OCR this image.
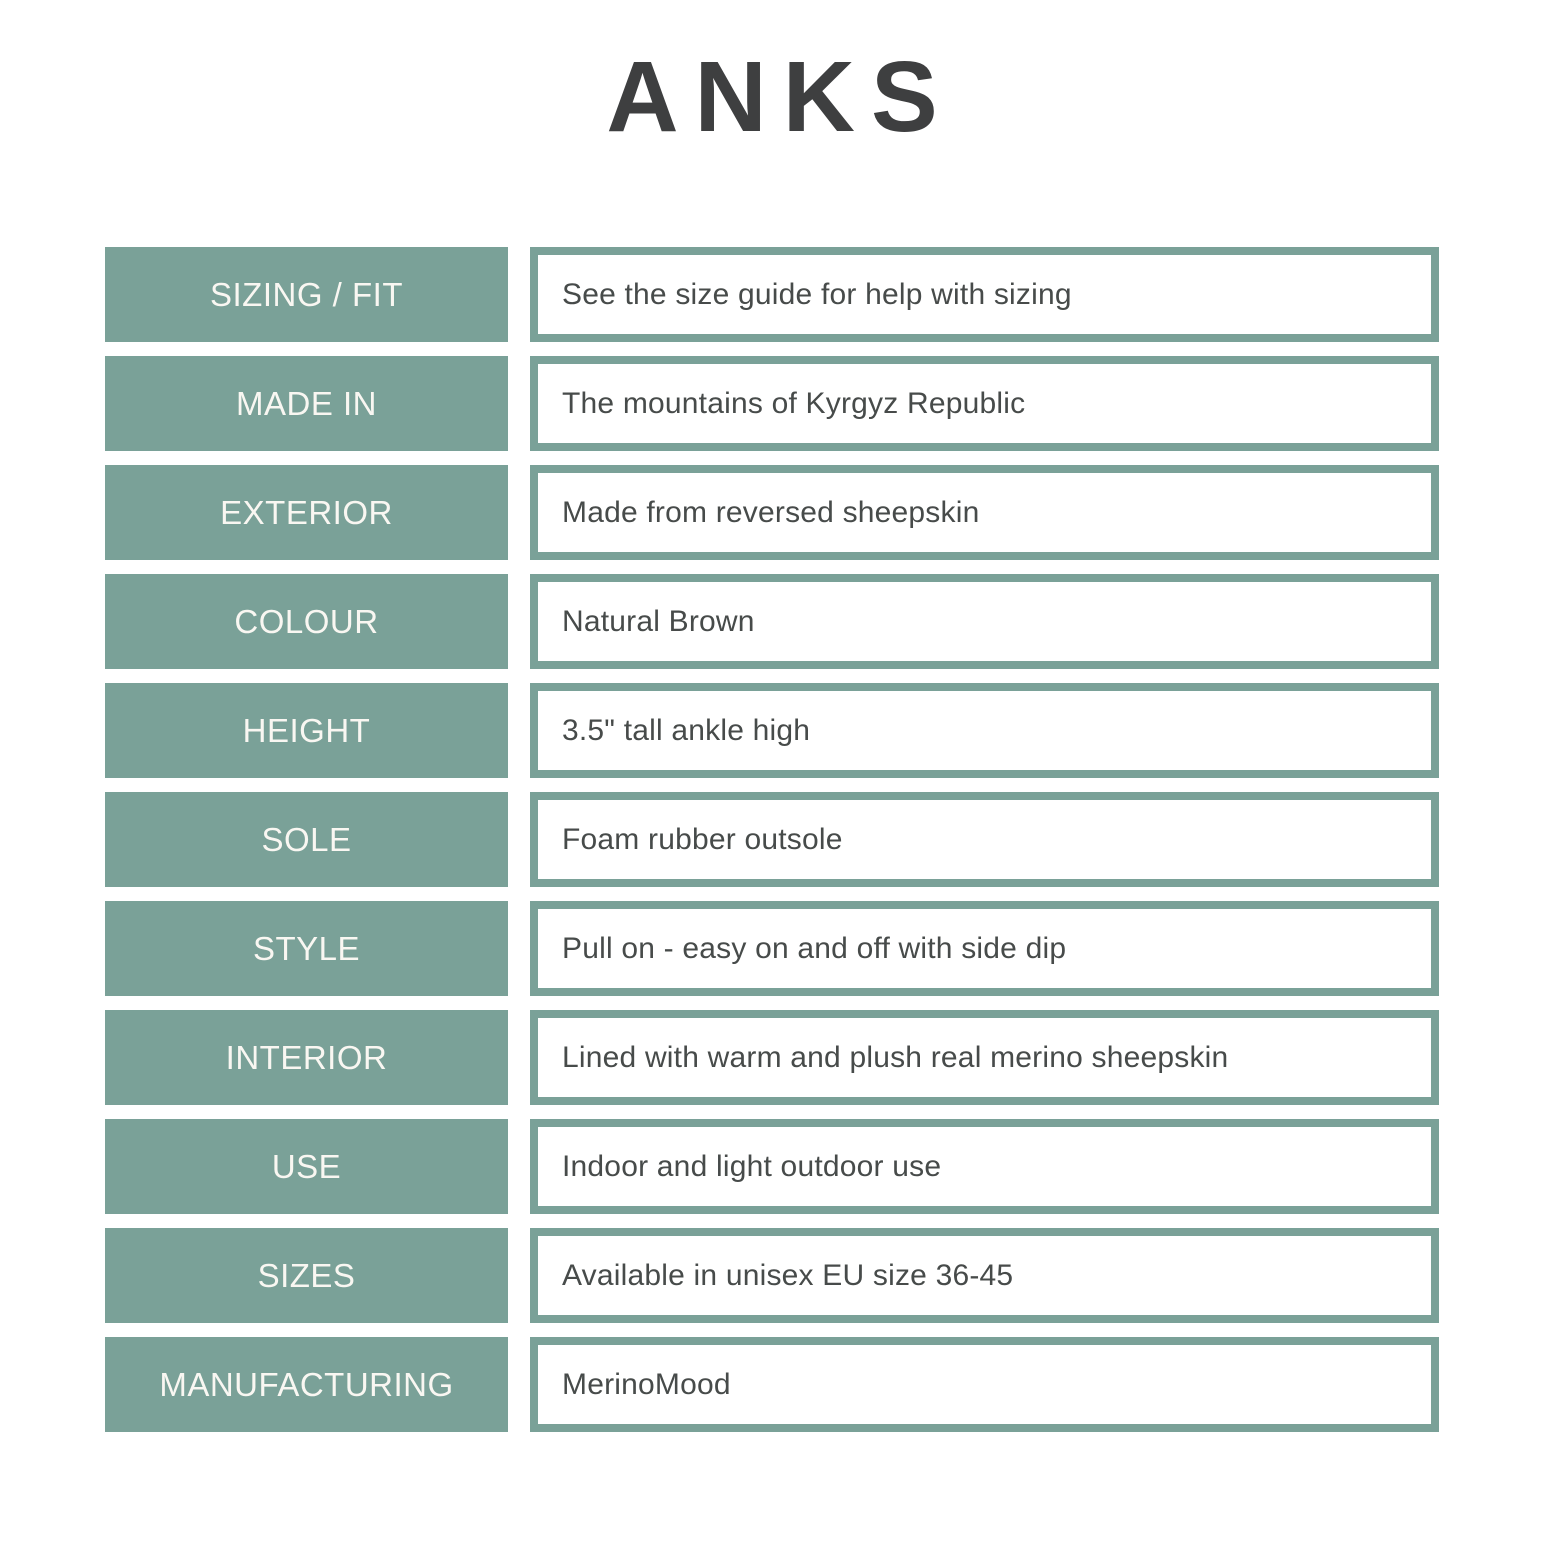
ANKS
SIZING / FIT	See the size guide for help with sizing
MADE IN	The mountains of Kyrgyz Republic
EXTERIOR	Made from reversed sheepskin
COLOUR	Natural Brown
HEIGHT	3.5" tall ankle high
SOLE	Foam rubber outsole
STYLE	Pull on - easy on and off with side dip
INTERIOR	Lined with warm and plush real merino sheepskin
USE	Indoor and light outdoor use
SIZES	Available in unisex EU size 36-45
MANUFACTURING	MerinoMood
